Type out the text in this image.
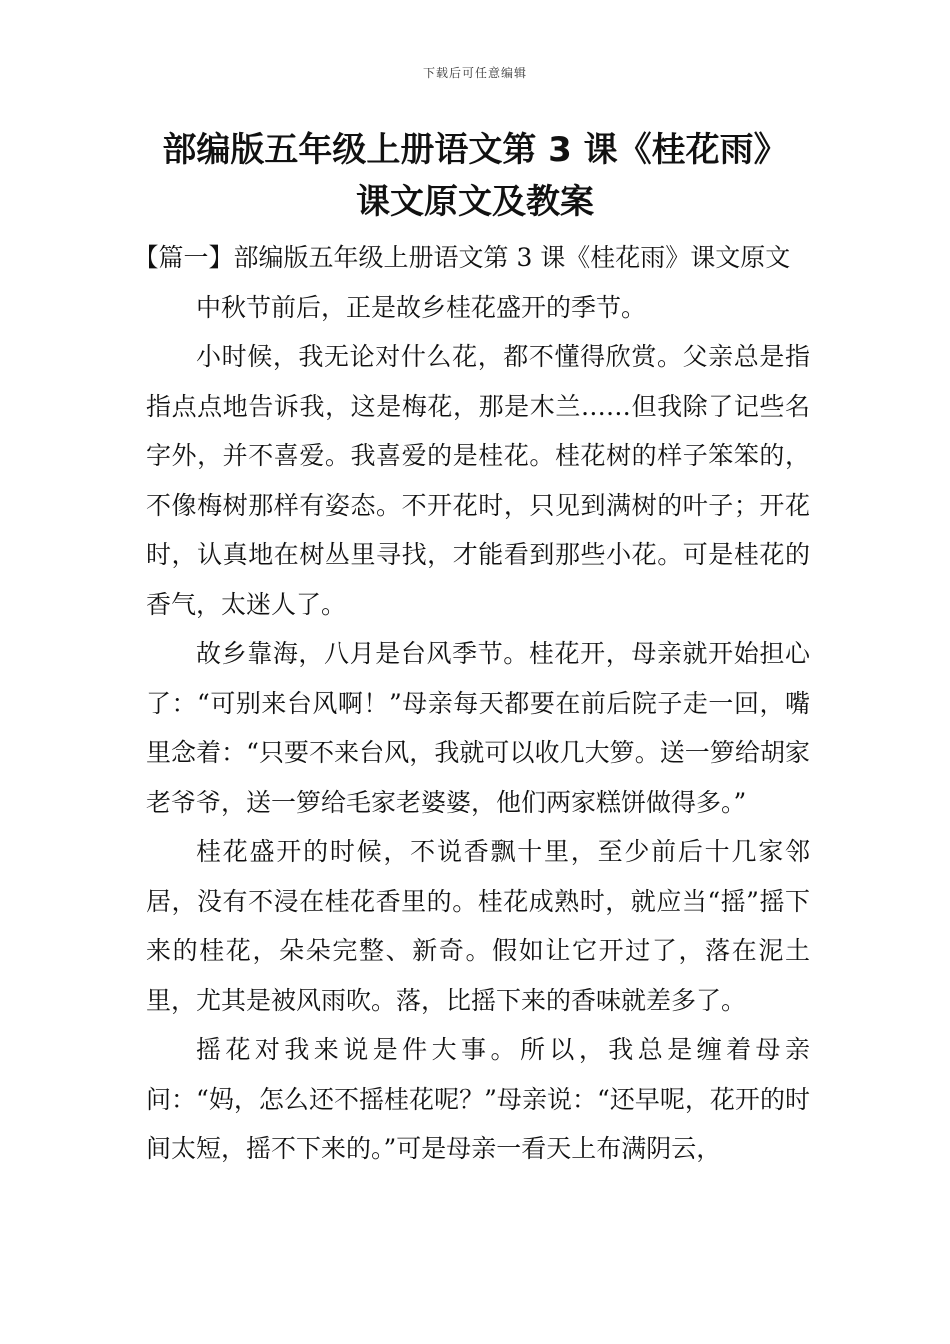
下载后可任意编辑
部编版五年级上册语文第 3 课《桂花雨》
课文原文及教案

【篇一】部编版五年级上册语文第 3 课《桂花雨》课文原文

中秋节前后，正是故乡桂花盛开的季节。

小时候，我无论对什么花，都不懂得欣赏。父亲总是指指点点地告诉我，这是梅花，那是木兰……但我除了记些名字外，并不喜爱。我喜爱的是桂花。桂花树的样子笨笨的，不像梅树那样有姿态。不开花时，只见到满树的叶子；开花时，认真地在树丛里寻找，才能看到那些小花。可是桂花的香气，太迷人了。

故乡靠海，八月是台风季节。桂花开，母亲就开始担心了：“可别来台风啊！”母亲每天都要在前后院子走一回，嘴里念着：“只要不来台风，我就可以收几大箩。送一箩给胡家老爷爷，送一箩给毛家老婆婆，他们两家糕饼做得多。”

桂花盛开的时候，不说香飘十里，至少前后十几家邻居，没有不浸在桂花香里的。桂花成熟时，就应当“摇”摇下来的桂花，朵朵完整、新奇。假如让它开过了，落在泥土里，尤其是被风雨吹。落，比摇下来的香味就差多了。

摇花对我来说是件大事。所以，我总是缠着母亲问：“妈，怎么还不摇桂花呢？”母亲说：“还早呢，花开的时间太短，摇不下来的。”可是母亲一看天上布满阴云，
